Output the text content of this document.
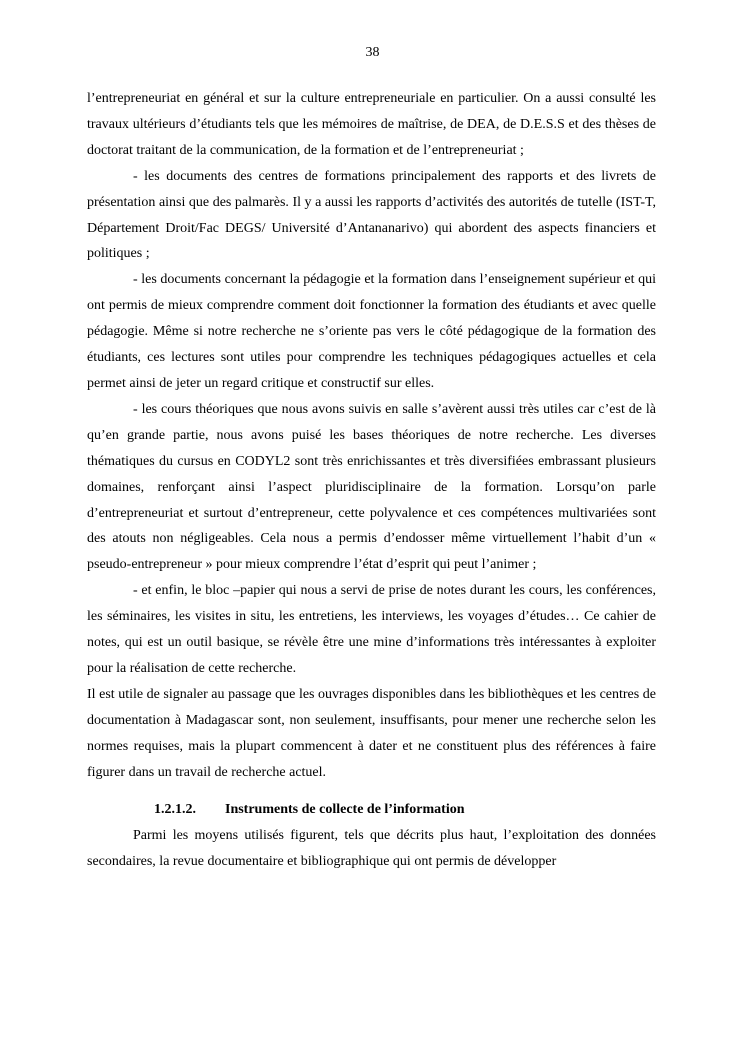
38

l’entrepreneuriat en général et sur la culture entrepreneuriale en particulier. On a aussi consulté les travaux ultérieurs d’étudiants tels que les mémoires de maîtrise, de DEA, de D.E.S.S et des thèses de doctorat traitant de la communication, de la formation et de l’entrepreneuriat ;

- les documents des centres de formations principalement des rapports et des livrets de présentation ainsi que des palmarès. Il y a aussi les rapports d’activités des autorités de tutelle (IST-T, Département Droit/Fac DEGS/ Université d’Antananarivo) qui abordent des aspects financiers et politiques ;

- les documents concernant la pédagogie et la formation dans l’enseignement supérieur et qui ont permis de mieux comprendre comment doit fonctionner la formation des étudiants et avec quelle pédagogie. Même si notre recherche ne s’oriente pas vers le côté pédagogique de la formation des étudiants, ces lectures sont utiles pour comprendre les techniques pédagogiques actuelles et cela permet ainsi de jeter un regard critique et constructif sur elles.

- les cours théoriques que nous avons suivis en salle s’avèrent aussi très utiles car c’est de là qu’en grande partie, nous avons puisé les bases théoriques de notre recherche. Les diverses thématiques du cursus en CODYL2 sont très enrichissantes et très diversifiées embrassant plusieurs domaines, renforçant ainsi l’aspect pluridisciplinaire de la formation. Lorsqu’on parle d’entrepreneuriat et surtout d’entrepreneur, cette polyvalence et ces compétences multivariées sont des atouts non négligeables. Cela nous a permis d’endosser même virtuellement l’habit d’un « pseudo-entrepreneur » pour mieux comprendre l’état d’esprit qui peut l’animer ;

- et enfin, le bloc –papier qui nous a servi de prise de notes durant les cours, les conférences, les séminaires, les visites in situ, les entretiens, les interviews, les voyages d’études… Ce cahier de notes, qui est un outil basique, se révèle être une mine d’informations très intéressantes à exploiter pour la réalisation de cette recherche.

Il est utile de signaler au passage que les ouvrages disponibles dans les bibliothèques et les centres de documentation à Madagascar sont, non seulement, insuffisants, pour mener une recherche selon les normes requises, mais la plupart commencent à dater et ne constituent plus des références à faire figurer dans un travail de recherche actuel.

1.2.1.2. Instruments de collecte de l’information

Parmi les moyens utilisés figurent, tels que décrits plus haut, l’exploitation des données secondaires, la revue documentaire et bibliographique qui ont permis de développer
